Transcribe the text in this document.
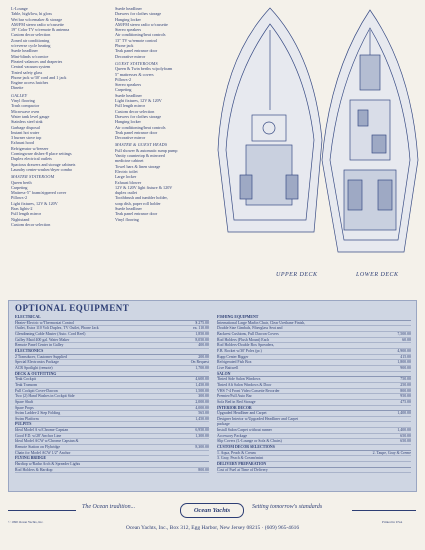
L-Lounge
Table, high/low, hi gloss
Wet bar w/icemaker & storage
AM/FM stereo radio w/cassette
19" Color TV w/remote & antenna
Custom decor selection
Zoned air conditioning
w/reverse cycle heating
Suede headliner
Mini-blinds w/cornice
Pleated valances and draperies
Central vacuum system
Tinted safety glass
Phone jack w/30' cord and 1 jack
Engine access hatches
Dinette
GALLEY
Vinyl flooring
Trash compactor
Microwave oven
Water tank level gauge
Stainless steel sink
Garbage disposal
Instant hot water
3 burner stove top
Exhaust hood
Refrigerator w/freezer
Corningware dishes-8 place settings
Duplex electrical outlets
Spacious drawers and storage cabinets
Laundry center-washer/dryer combo
MASTER STATEROOM
Queen berth
Carpeting
Mattress-5" foam/zippered cover
Pillows-2
Light fixtures, 12V & 120V
Bras lights-2
Full length mirror
Nightstand
Custom decor selection
Suede headliner
Drawers for clothes storage
Hanging locker
AM/FM stereo radio w/cassette
Stereo speakers
Air conditioning/heat controls
13" TV w/remote control
Phone jack
Teak panel entrance door
Decorative mirror
GUEST STATEROOMS
Queen & Twin berths w/polyfoam
5" mattresses & covers
Pillows-2
Stereo speakers
Carpeting
Suede headliner
Light fixtures, 12V & 120V
Full length mirror
Custom decor selection
Drawers for clothes storage
Hanging locker
Air conditioning/heat controls
Teak panel entrance door
Decorative mirror
MASTER & GUEST HEADS
Full shower & automatic sump pump
Vanity countertop & mirrored
medicine cabinet
Towel bars & linen storage
Electric toilet
Large locker
Exhaust blower
12V & 120V light fixture & 120V
duplex outlet
Toothbrush and tumbler holder,
soap dish, paper roll holder
Suede headliner
Teak panel entrance door
Vinyl flooring
UPPER DECK	LOWER DECK
OPTIONAL EQUIPMENT
ELECTRICAL
Heater-Electric w/Thermostat Control	$ 275.00
Outlet, Extra 110 Volt Duplex, TV Outlet, Phone Jack	ea. 110.00
Glendinning Cable Master (Auto. Cord Reel)	1,850.00
Galley Maid 400 gal. Water Maker	8,050.00
Remote Panel Center in Galley	400.00
ELECTRONICS
2 Transducer, Customer Supplied	200.00
Special Electronics Package	On Request
ACR Spotlight (remote)	1,700.00
DECK & OUTFITTING
Teak Cockpit	4,600.00
Teak Transom	1,450.00
Full Cockpit Cover-Dacron	1,500.00
Two (2) Hand Washes in Cockpit Side	300.00
Spare Shaft	2,000.00
Spare Props	4,000.00
Swim Ladder-2 Step Folding	565.00
Swim Platform	1,450.00
PULPITS
Ideal Model A w/Chrome Capstan	6,950.00
Good F.D. w/28' Anchor Line	1,300.00
Ideal Model ACW w/Chrome Capstan &
Remote Station on Flybridge	8,300.00
Chain for Model ACW 1/2" Anchor
FLYING BRIDGE
Hardtop w/Radar Arch & Spreader Lights
Rod Holders & Hardtop	800.00
FISHING EQUIPMENT
International Large Marlin Chair, Clear Urethane Finish,
Double Size Gimbals, Fiberglass Seat and
Backrest Cushions, Full Dacron Covers	7,500.00
Rod Holders (Flush Mount) Each	60.00
Rod Holders-Double Box Spreaders,
F.B. Rocket w/30' Poles (pr.)	4,900.00
Rupp Center Rigger	415.00
Refrigerated Fish Box	1,800.00
Live Baitwell	900.00
SALON
Tinted Side Salon Windows	750.00
Tinted Aft Salon Windows & Door	250.00
VHS 7-4 Front Video Cassette Recorder	800.00
Premier/Full Auto Bar	950.00
Sofa Bed in Red Storage	475.00
INTERIOR DECOR
Upgraded Headliner and Carpet	1,400.00
Designer Interior w/Upgraded Headliner and Carpet
package
Install Salon Carpet without runner	1,400.00
Accessory Package	650.00
Slip Covers (L-Lounge or Sofa & Chairs)	650.00
CUSTOM DECOR SELECTIONS
1. Aqua, Peach & Cream	2. Taupe, Gray & Creme
3. Gray, Peach & Cream/mint
DELIVERY PREPARATION
Cost of Fuel at Time of Delivery
The Ocean tradition...	Ocean Yachts	Setting tomorrow's standards
© 1990 Ocean Yachts, Inc.	Printed in USA
Ocean Yachts, Inc., Box 312, Egg Harbor, New Jersey 08215 · (609) 965-4616
